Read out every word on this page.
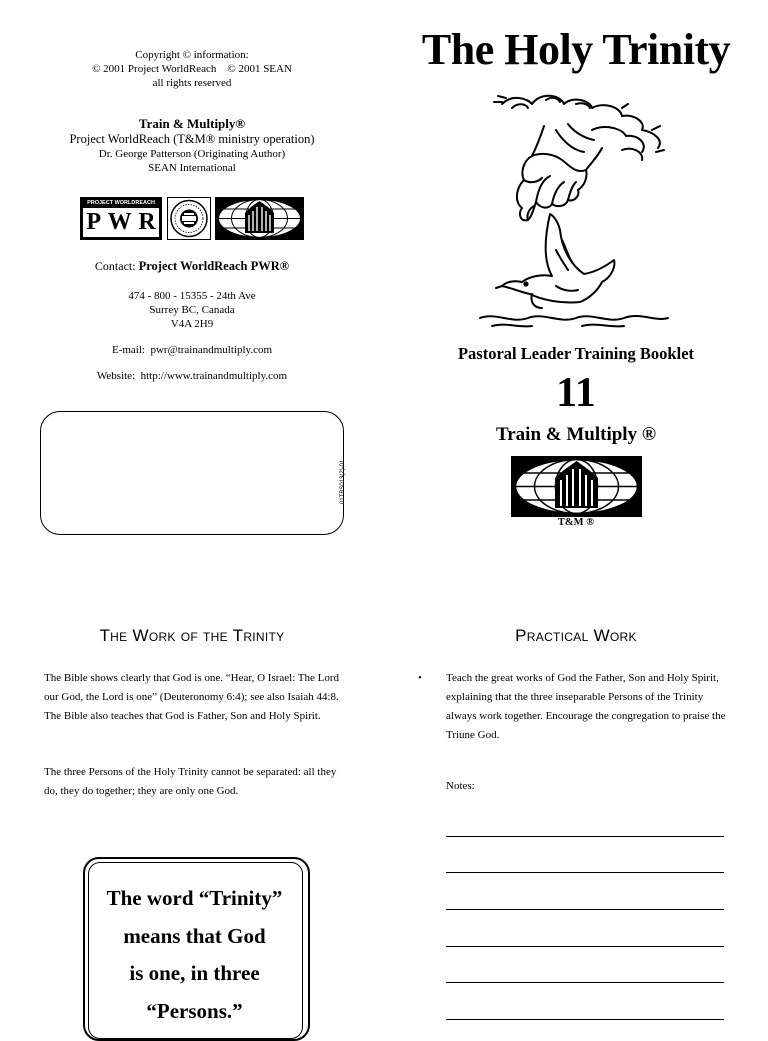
Copyright © information:
© 2001 Project WorldReach    © 2001 SEAN
all rights reserved
Train & Multiply®
Project WorldReach (T&M® ministry operation)
Dr. George Patterson (Originating Author)
SEAN International
PROJECT WORLDREACH
P W R
Contact: Project WorldReach PWR®
474 - 800 - 15355 - 24th Ave
Surrey BC, Canada
V4A 2H9
E-mail:  pwr@trainandmultiply.com
Website:  http://www.trainandmultiply.com
01TBS013(2)-01
The Holy Trinity
Pastoral Leader Training Booklet
11
Train & Multiply ®
T&M ®
The Work of the Trinity
The Bible shows clearly that God is one. “Hear, O Israel: The Lord our God, the Lord is one” (Deuteronomy 6:4); see also Isaiah 44:8. The Bible also teaches that God is Father, Son and Holy Spirit.
The three Persons of the Holy Trinity cannot be separated: all they do, they do together; they are only one God.
The word “Trinity”
means that God
is one, in three
“Persons.”
Practical Work
• Teach the great works of God the Father, Son and Holy Spirit, explaining that the three inseparable Persons of the Trinity always work together. Encourage the congregation to praise the Triune God.
Notes:
